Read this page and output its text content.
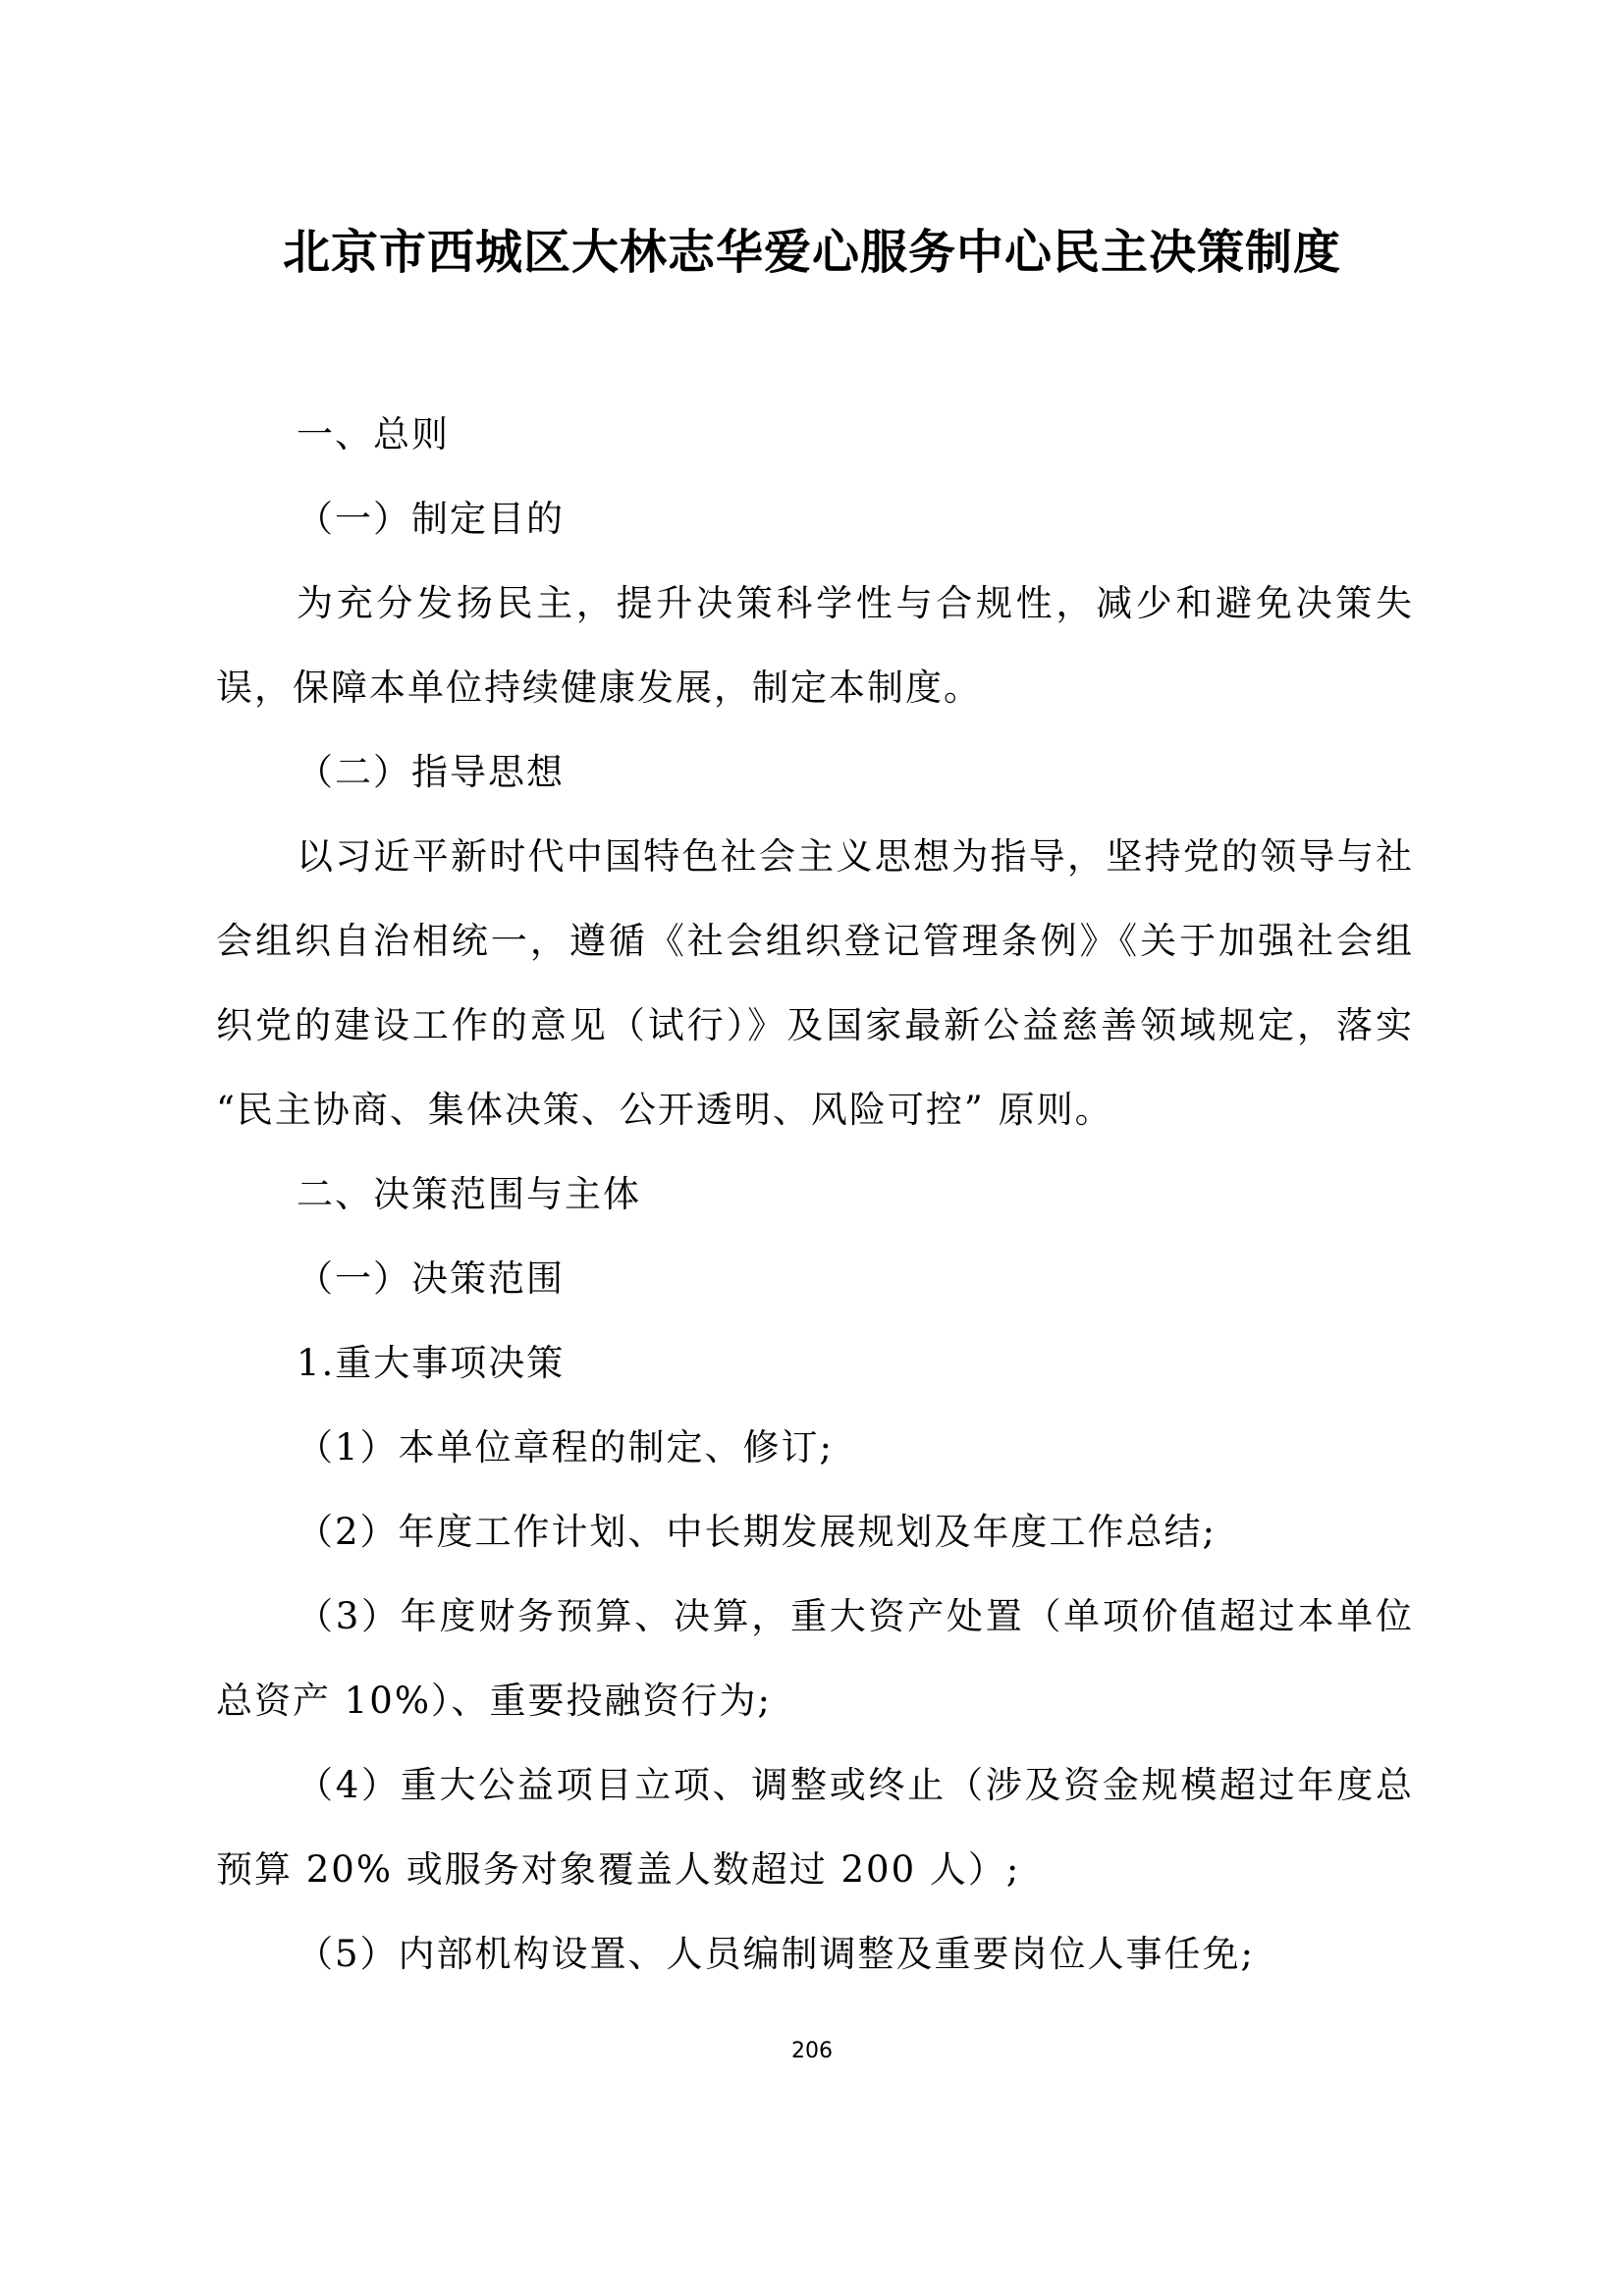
北京市西城区大林志华爱心服务中心民主决策制度

一、总则

（一）制定目的

为充分发扬民主，提升决策科学性与合规性，减少和避免决策失误，保障本单位持续健康发展，制定本制度。

（二）指导思想

以习近平新时代中国特色社会主义思想为指导，坚持党的领导与社会组织自治相统一，遵循《社会组织登记管理条例》《关于加强社会组织党的建设工作的意见（试行）》及国家最新公益慈善领域规定，落实 “民主协商、集体决策、公开透明、风险可控” 原则。

二、决策范围与主体

（一）决策范围

1.重大事项决策

（1）本单位章程的制定、修订;

（2）年度工作计划、中长期发展规划及年度工作总结;

（3）年度财务预算、决算，重大资产处置（单项价值超过本单位总资产 10%）、重要投融资行为;

（4）重大公益项目立项、调整或终止（涉及资金规模超过年度总预算 20% 或服务对象覆盖人数超过 200 人）;

（5）内部机构设置、人员编制调整及重要岗位人事任免;

206
